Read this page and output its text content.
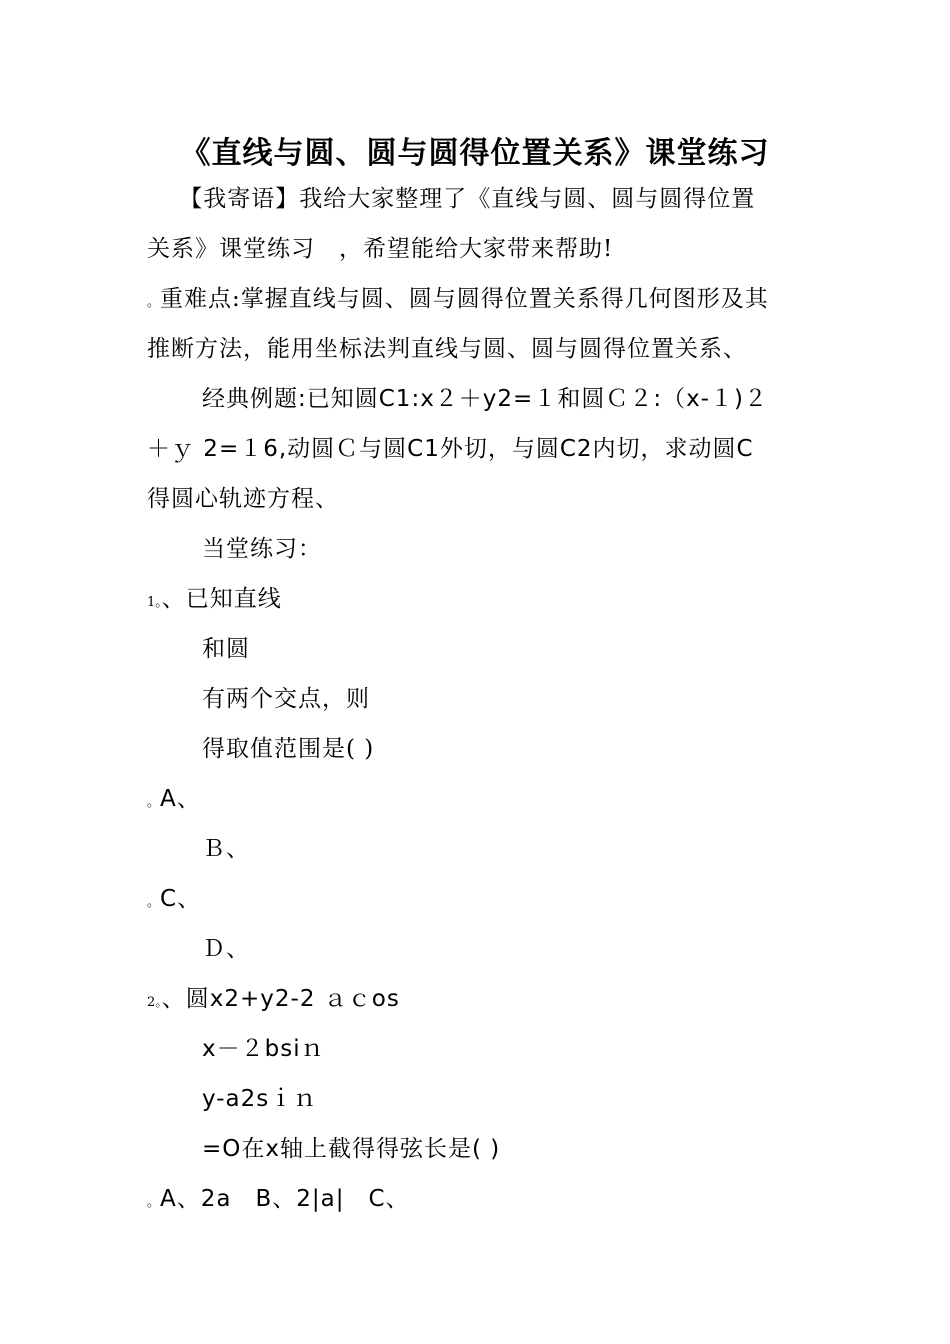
《直线与圆、圆与圆得位置关系》课堂练习
　 【我寄语】我给大家整理了《直线与圆、圆与圆得位置
关系》课堂练习　，希望能给大家带来帮助!
。重难点:掌握直线与圆、圆与圆得位置关系得几何图形及其
推断方法，能用坐标法判直线与圆、圆与圆得位置关系、
经典例题:已知圆C1:x２＋y2=１和圆Ｃ２:（x-１)２
＋ｙ 2=１6,动圆Ｃ与圆C1外切，与圆C2内切，求动圆C
得圆心轨迹方程、
当堂练习：
1。、已知直线
和圆
有两个交点，则
得取值范围是( )
。A、
Ｂ、
。C、
Ｄ、
2。、圆x2+y2-2 ａｃos
x－２bsiｎ
y-a2sｉｎ
=O在x轴上截得得弦长是( )
。A、2a　B、2|a|　C、
